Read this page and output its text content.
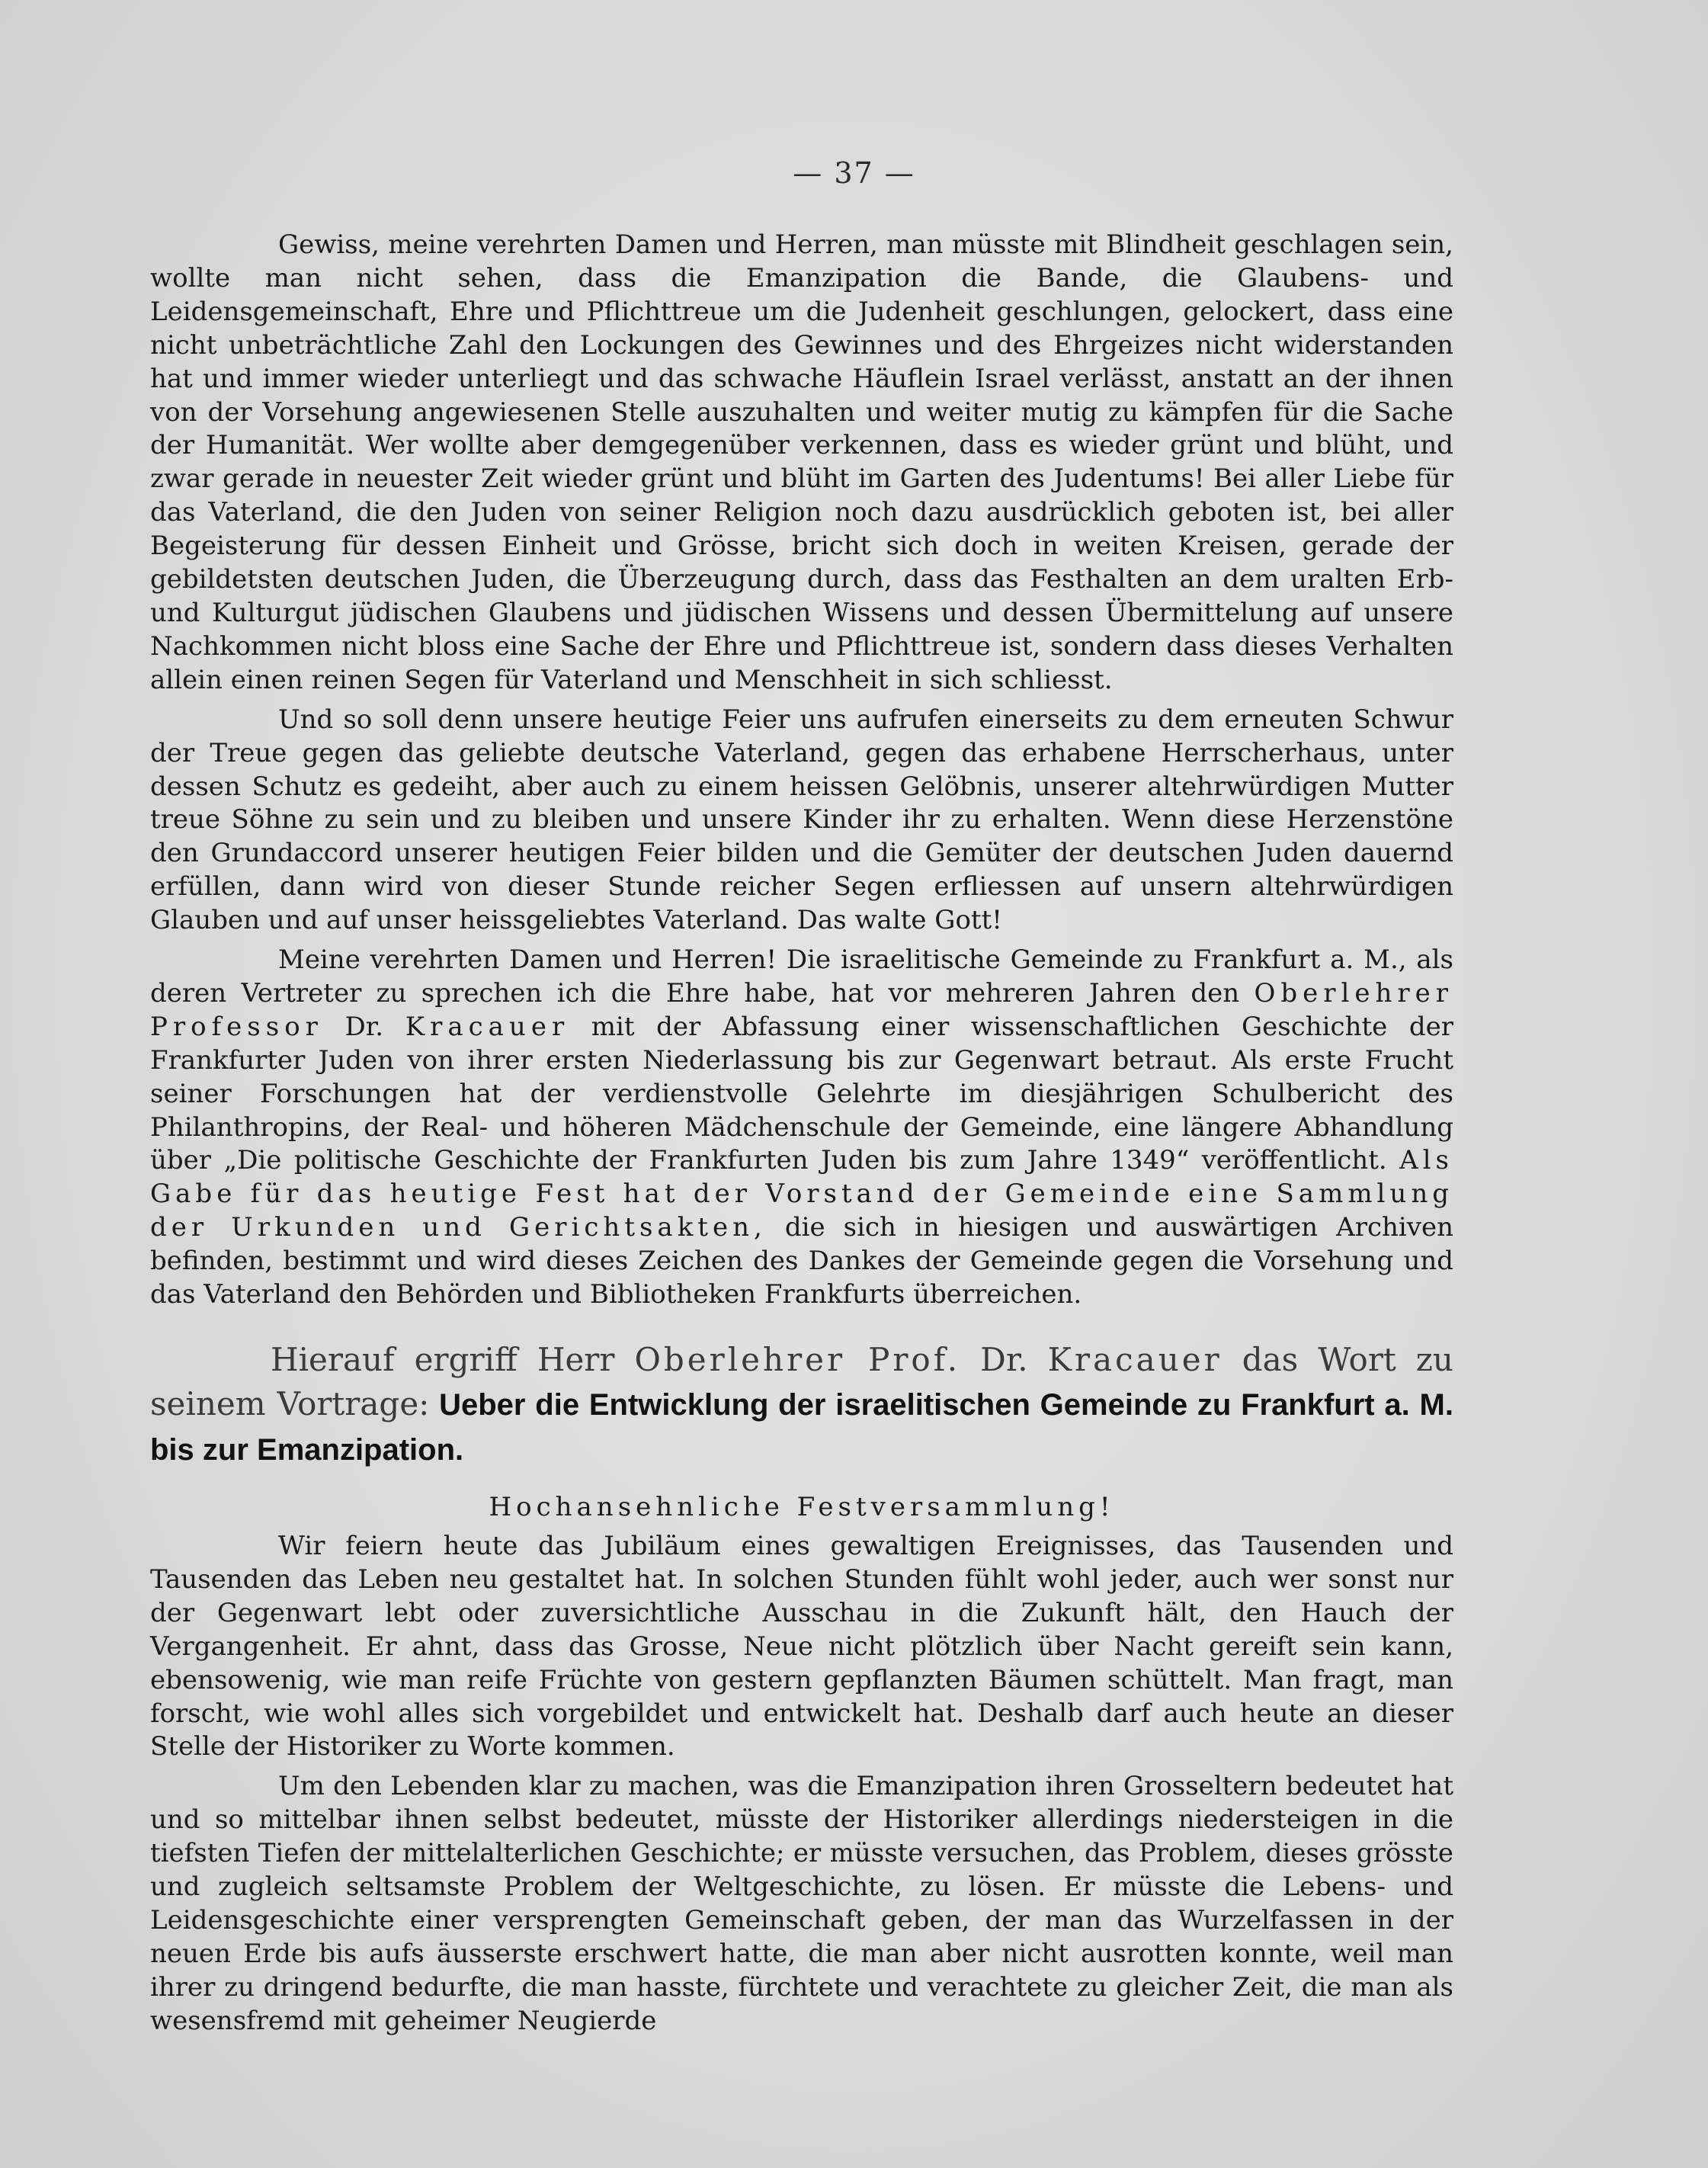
— 37 —

Gewiss, meine verehrten Damen und Herren, man müsste mit Blindheit geschlagen sein, wollte man nicht sehen, dass die Emanzipation die Bande, die Glaubens- und Leidensgemeinschaft, Ehre und Pflichttreue um die Judenheit geschlungen, gelockert, dass eine nicht unbeträchtliche Zahl den Lockungen des Gewinnes und des Ehrgeizes nicht widerstanden hat und immer wieder unterliegt und das schwache Häuflein Israel verlässt, anstatt an der ihnen von der Vorsehung angewiesenen Stelle auszuhalten und weiter mutig zu kämpfen für die Sache der Humanität. Wer wollte aber demgegenüber verkennen, dass es wieder grünt und blüht, und zwar gerade in neuester Zeit wieder grünt und blüht im Garten des Judentums! Bei aller Liebe für das Vaterland, die den Juden von seiner Religion noch dazu ausdrücklich geboten ist, bei aller Begeisterung für dessen Einheit und Grösse, bricht sich doch in weiten Kreisen, gerade der gebildetsten deutschen Juden, die Überzeugung durch, dass das Festhalten an dem uralten Erb- und Kulturgut jüdischen Glaubens und jüdischen Wissens und dessen Übermittelung auf unsere Nachkommen nicht bloss eine Sache der Ehre und Pflichttreue ist, sondern dass dieses Verhalten allein einen reinen Segen für Vaterland und Menschheit in sich schliesst.

Und so soll denn unsere heutige Feier uns aufrufen einerseits zu dem erneuten Schwur der Treue gegen das geliebte deutsche Vaterland, gegen das erhabene Herrscherhaus, unter dessen Schutz es gedeiht, aber auch zu einem heissen Gelöbnis, unserer altehrwürdigen Mutter treue Söhne zu sein und zu bleiben und unsere Kinder ihr zu erhalten. Wenn diese Herzenstöne den Grundaccord unserer heutigen Feier bilden und die Gemüter der deutschen Juden dauernd erfüllen, dann wird von dieser Stunde reicher Segen erfliessen auf unsern altehrwürdigen Glauben und auf unser heissgeliebtes Vaterland. Das walte Gott!

Meine verehrten Damen und Herren! Die israelitische Gemeinde zu Frankfurt a. M., als deren Vertreter zu sprechen ich die Ehre habe, hat vor mehreren Jahren den Oberlehrer Professor Dr. Kracauer mit der Abfassung einer wissenschaftlichen Geschichte der Frankfurter Juden von ihrer ersten Niederlassung bis zur Gegenwart betraut. Als erste Frucht seiner Forschungen hat der verdienstvolle Gelehrte im diesjährigen Schulbericht des Philanthropins, der Real- und höheren Mädchenschule der Gemeinde, eine längere Abhandlung über „Die politische Geschichte der Frankfurten Juden bis zum Jahre 1349“ veröffentlicht. Als Gabe für das heutige Fest hat der Vorstand der Gemeinde eine Sammlung der Urkunden und Gerichtsakten, die sich in hiesigen und auswärtigen Archiven befinden, bestimmt und wird dieses Zeichen des Dankes der Gemeinde gegen die Vorsehung und das Vaterland den Behörden und Bibliotheken Frankfurts überreichen.

Hierauf ergriff Herr Oberlehrer Prof. Dr. Kracauer das Wort zu seinem Vortrage: Ueber die Entwicklung der israelitischen Gemeinde zu Frankfurt a. M. bis zur Emanzipation.

Hochansehnliche Festversammlung!

Wir feiern heute das Jubiläum eines gewaltigen Ereignisses, das Tausenden und Tausenden das Leben neu gestaltet hat. In solchen Stunden fühlt wohl jeder, auch wer sonst nur der Gegenwart lebt oder zuversichtliche Ausschau in die Zukunft hält, den Hauch der Vergangenheit. Er ahnt, dass das Grosse, Neue nicht plötzlich über Nacht gereift sein kann, ebensowenig, wie man reife Früchte von gestern gepflanzten Bäumen schüttelt. Man fragt, man forscht, wie wohl alles sich vorgebildet und entwickelt hat. Deshalb darf auch heute an dieser Stelle der Historiker zu Worte kommen.

Um den Lebenden klar zu machen, was die Emanzipation ihren Grosseltern bedeutet hat und so mittelbar ihnen selbst bedeutet, müsste der Historiker allerdings niedersteigen in die tiefsten Tiefen der mittelalterlichen Geschichte; er müsste versuchen, das Problem, dieses grösste und zugleich seltsamste Problem der Weltgeschichte, zu lösen. Er müsste die Lebens- und Leidensgeschichte einer versprengten Gemeinschaft geben, der man das Wurzelfassen in der neuen Erde bis aufs äusserste erschwert hatte, die man aber nicht ausrotten konnte, weil man ihrer zu dringend bedurfte, die man hasste, fürchtete und verachtete zu gleicher Zeit, die man als wesensfremd mit geheimer Neugierde
